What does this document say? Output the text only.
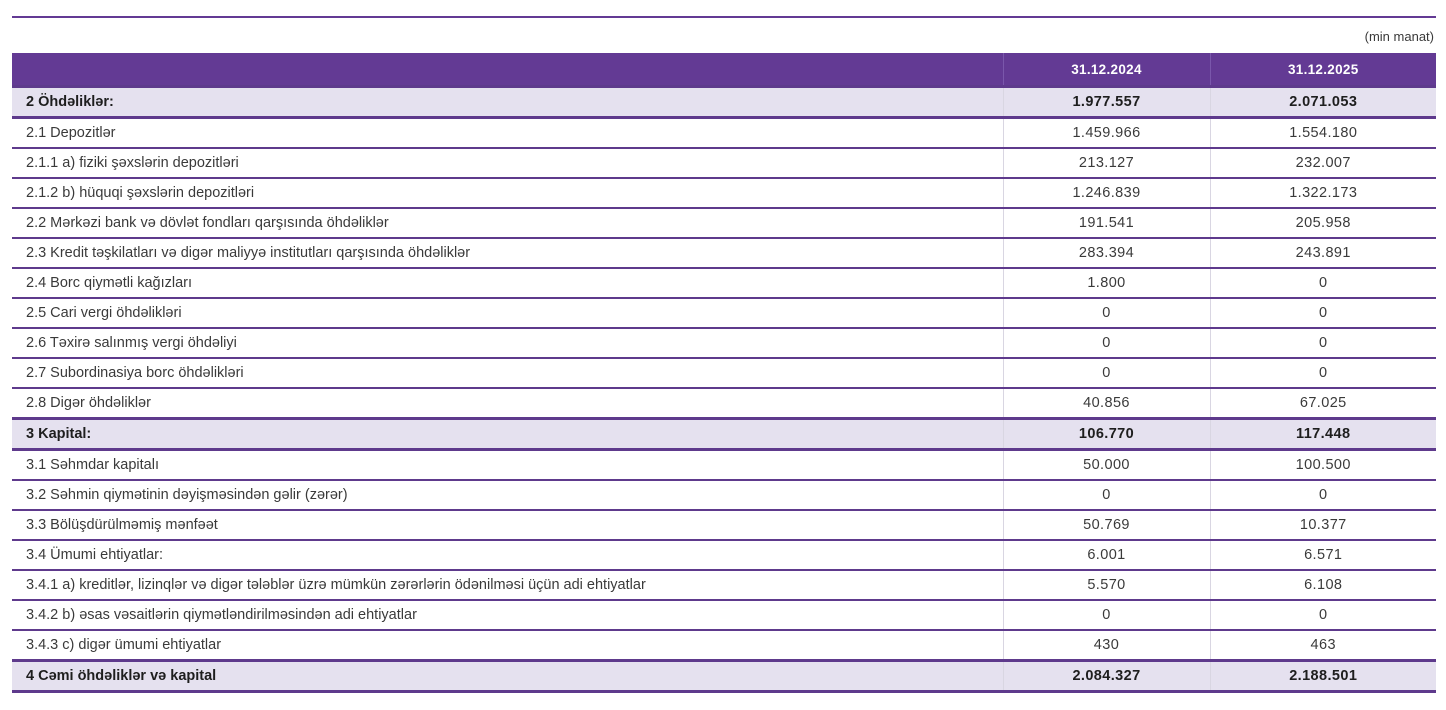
(min manat)
	31.12.2024	31.12.2025
2 Öhdəliklər:	1.977.557	2.071.053
2.1 Depozitlər	1.459.966	1.554.180
2.1.1 a) fiziki şəxslərin depozitləri	213.127	232.007
2.1.2 b) hüquqi şəxslərin depozitləri	1.246.839	1.322.173
2.2 Mərkəzi bank və dövlət fondları qarşısında öhdəliklər	191.541	205.958
2.3 Kredit təşkilatları və digər maliyyə institutları qarşısında öhdəliklər	283.394	243.891
2.4 Borc qiymətli kağızları	1.800	0
2.5 Cari vergi öhdəlikləri	0	0
2.6 Təxirə salınmış vergi öhdəliyi	0	0
2.7 Subordinasiya borc öhdəlikləri	0	0
2.8 Digər öhdəliklər	40.856	67.025
3 Kapital:	106.770	117.448
3.1 Səhmdar kapitalı	50.000	100.500
3.2 Səhmin qiymətinin dəyişməsindən gəlir (zərər)	0	0
3.3 Bölüşdürülməmiş mənfəət	50.769	10.377
3.4 Ümumi ehtiyatlar:	6.001	6.571
3.4.1 a) kreditlər, lizinqlər və digər tələblər üzrə mümkün zərərlərin ödənilməsi üçün adi ehtiyatlar	5.570	6.108
3.4.2 b) əsas vəsaitlərin qiymətləndirilməsindən adi ehtiyatlar	0	0
3.4.3 c) digər ümumi ehtiyatlar	430	463
4 Cəmi öhdəliklər və kapital	2.084.327	2.188.501
